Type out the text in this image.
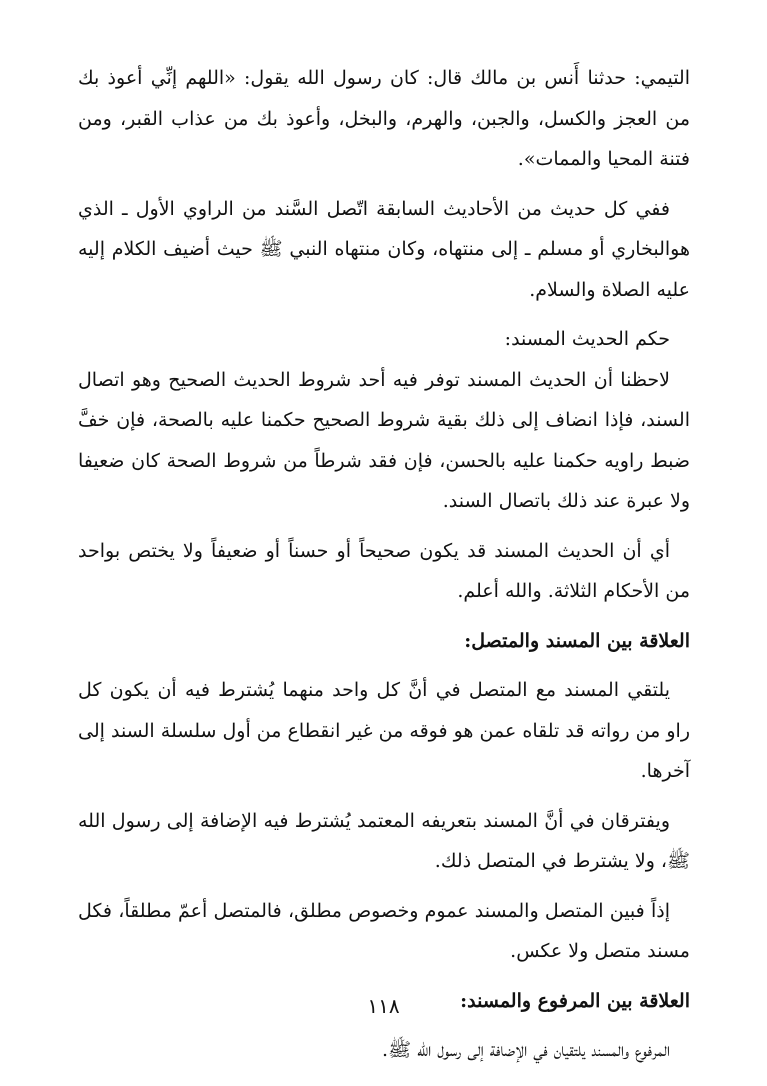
التيمي: حدثنا أَنس بن مالك قال: كان رسول الله يقول: «اللهم إنِّي أعوذ بك من العجز والكسل، والجبن، والهرم، والبخل، وأعوذ بك من عذاب القبر، ومن فتنة المحيا والممات».

ففي كل حديث من الأحاديث السابقة اتّصل السَّند من الراوي الأول ـ الذي هوالبخاري أو مسلم ـ إلى منتهاه، وكان منتهاه النبي ﷺ حيث أضيف الكلام إليه عليه الصلاة والسلام.

حكم الحديث المسند:

لاحظنا أن الحديث المسند توفر فيه أحد شروط الحديث الصحيح وهو اتصال السند، فإذا انضاف إلى ذلك بقية شروط الصحيح حكمنا عليه بالصحة، فإن خفَّ ضبط راويه حكمنا عليه بالحسن، فإن فقد شرطاً من شروط الصحة كان ضعيفا ولا عبرة عند ذلك باتصال السند.

أي أن الحديث المسند قد يكون صحيحاً أو حسناً أو ضعيفاً ولا يختص بواحد من الأحكام الثلاثة. والله أعلم.

العلاقة بين المسند والمتصل:

يلتقي المسند مع المتصل في أنَّ كل واحد منهما يُشترط فيه أن يكون كل راو من رواته قد تلقاه عمن هو فوقه من غير انقطاع من أول سلسلة السند إلى آخرها.

ويفترقان في أنَّ المسند بتعريفه المعتمد يُشترط فيه الإضافة إلى رسول الله ﷺ، ولا يشترط في المتصل ذلك.

إذاً فبين المتصل والمسند عموم وخصوص مطلق، فالمتصل أعمّ مطلقاً، فكل مسند متصل ولا عكس.

العلاقة بين المرفوع والمسند:

المرفوع والمسند يلتقيان في الإضافة إلى رسول الله ﷺ.

١١٨
